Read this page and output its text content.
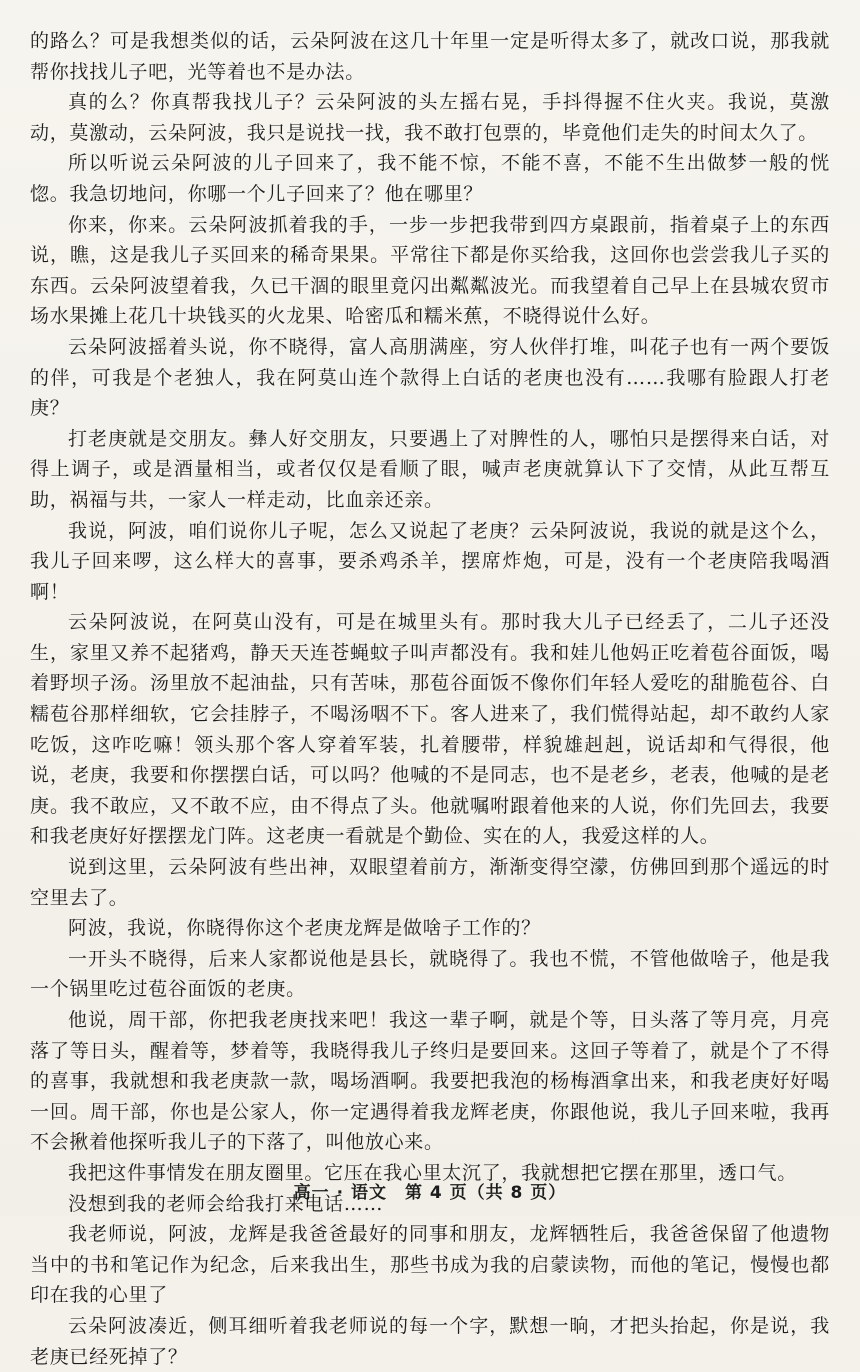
的路么？可是我想类似的话，云朵阿波在这几十年里一定是听得太多了，就改口说，那我就帮你找找儿子吧，光等着也不是办法。

真的么？你真帮我找儿子？云朵阿波的头左摇右晃，手抖得握不住火夹。我说，莫激动，莫激动，云朵阿波，我只是说找一找，我不敢打包票的，毕竟他们走失的时间太久了。

所以听说云朵阿波的儿子回来了，我不能不惊，不能不喜，不能不生出做梦一般的恍惚。我急切地问，你哪一个儿子回来了？他在哪里？

你来，你来。云朵阿波抓着我的手，一步一步把我带到四方桌跟前，指着桌子上的东西说，瞧，这是我儿子买回来的稀奇果果。平常往下都是你买给我，这回你也尝尝我儿子买的东西。云朵阿波望着我，久已干涸的眼里竟闪出粼粼波光。而我望着自己早上在县城农贸市场水果摊上花几十块钱买的火龙果、哈密瓜和糯米蕉，不晓得说什么好。

云朵阿波摇着头说，你不晓得，富人高朋满座，穷人伙伴打堆，叫花子也有一两个要饭的伴，可我是个老独人，我在阿莫山连个款得上白话的老庚也没有……我哪有脸跟人打老庚？

打老庚就是交朋友。彝人好交朋友，只要遇上了对脾性的人，哪怕只是摆得来白话，对得上调子，或是酒量相当，或者仅仅是看顺了眼，喊声老庚就算认下了交情，从此互帮互助，祸福与共，一家人一样走动，比血亲还亲。

我说，阿波，咱们说你儿子呢，怎么又说起了老庚？云朵阿波说，我说的就是这个么，我儿子回来啰，这么样大的喜事，要杀鸡杀羊，摆席炸炮，可是，没有一个老庚陪我喝酒啊！

云朵阿波说，在阿莫山没有，可是在城里头有。那时我大儿子已经丢了，二儿子还没生，家里又养不起猪鸡，静天天连苍蝇蚊子叫声都没有。我和娃儿他妈正吃着苞谷面饭，喝着野坝子汤。汤里放不起油盐，只有苦味，那苞谷面饭不像你们年轻人爱吃的甜脆苞谷、白糯苞谷那样细软，它会挂脖子，不喝汤咽不下。客人进来了，我们慌得站起，却不敢约人家吃饭，这咋吃嘛！领头那个客人穿着军装，扎着腰带，样貌雄赳赳，说话却和气得很，他说，老庚，我要和你摆摆白话，可以吗？他喊的不是同志，也不是老乡，老表，他喊的是老庚。我不敢应，又不敢不应，由不得点了头。他就嘱咐跟着他来的人说，你们先回去，我要和我老庚好好摆摆龙门阵。这老庚一看就是个勤俭、实在的人，我爱这样的人。

说到这里，云朵阿波有些出神，双眼望着前方，渐渐变得空濛，仿佛回到那个遥远的时空里去了。

阿波，我说，你晓得你这个老庚龙辉是做啥子工作的？

一开头不晓得，后来人家都说他是县长，就晓得了。我也不慌，不管他做啥子，他是我一个锅里吃过苞谷面饭的老庚。

他说，周干部，你把我老庚找来吧！我这一辈子啊，就是个等，日头落了等月亮，月亮落了等日头，醒着等，梦着等，我晓得我儿子终归是要回来。这回子等着了，就是个了不得的喜事，我就想和我老庚款一款，喝场酒啊。我要把我泡的杨梅酒拿出来，和我老庚好好喝一回。周干部，你也是公家人，你一定遇得着我龙辉老庚，你跟他说，我儿子回来啦，我再不会揪着他探听我儿子的下落了，叫他放心来。

我把这件事情发在朋友圈里。它压在我心里太沉了，我就想把它摆在那里，透口气。

没想到我的老师会给我打来电话……

我老师说，阿波，龙辉是我爸爸最好的同事和朋友，龙辉牺牲后，我爸爸保留了他遗物当中的书和笔记作为纪念，后来我出生，那些书成为我的启蒙读物，而他的笔记，慢慢也都印在我的心里了

云朵阿波凑近，侧耳细听着我老师说的每一个字，默想一晌，才把头抬起，你是说，我老庚已经死掉了？

高一 · 语文　第 4 页（共 8 页）
